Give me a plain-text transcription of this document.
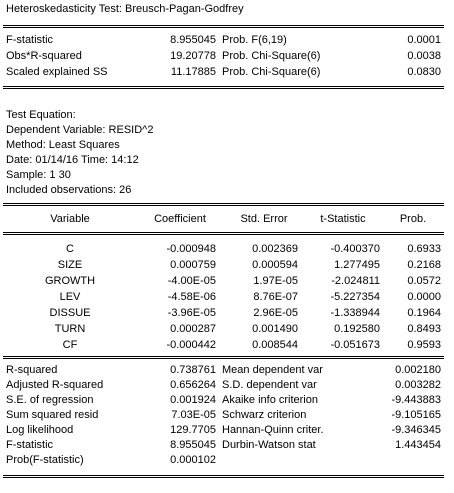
Heteroskedasticity Test: Breusch-Pagan-Godfrey
F-statistic	8.955045 Prob. F(6,19)	0.0001
Obs*R-squared	19.20778 Prob. Chi-Square(6)	0.0038
Scaled explained SS	11.17885 Prob. Chi-Square(6)	0.0830
Test Equation:
Dependent Variable: RESID^2
Method: Least Squares
Date: 01/14/16 Time: 14:12
Sample: 1 30
Included observations: 26
Variable	Coefficient	Std. Error	t-Statistic	Prob.
C	-0.000948	0.002369	-0.400370	0.6933
SIZE	0.000759	0.000594	1.277495	0.2168
GROWTH	-4.00E-05	1.97E-05	-2.024811	0.0572
LEV	-4.58E-06	8.76E-07	-5.227354	0.0000
DISSUE	-3.96E-05	2.96E-05	-1.338944	0.1964
TURN	0.000287	0.001490	0.192580	0.8493
CF	-0.000442	0.008544	-0.051673	0.9593
R-squared	0.738761 Mean dependent var	0.002180
Adjusted R-squared	0.656264 S.D. dependent var	0.003282
S.E. of regression	0.001924 Akaike info criterion	-9.443883
Sum squared resid	7.03E-05 Schwarz criterion	-9.105165
Log likelihood	129.7705 Hannan-Quinn criter.	-9.346345
F-statistic	8.955045 Durbin-Watson stat	1.443454
Prob(F-statistic)	0.000102
